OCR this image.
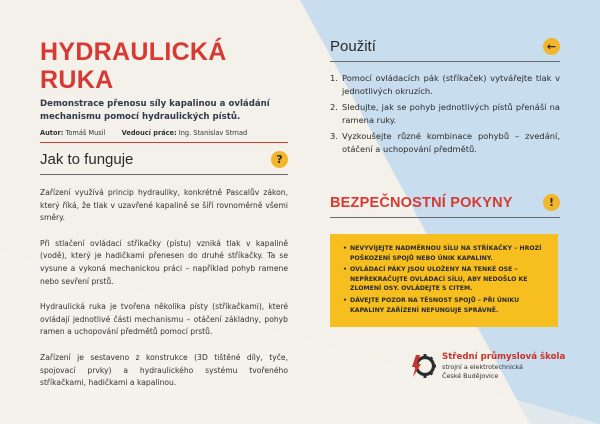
HYDRAULICKÁ RUKA
Demonstrace přenosu síly kapalinou a ovládání mechanismu pomocí hydraulických pístů.
Autor: Tomáš Musil Vedoucí práce: Ing. Stanislav Strnad
Jak to funguje	?

Zařízení využívá princip hydrauliky, konkrétně Pascalův zákon, který říká, že tlak v uzavřené kapalině se šíří rovnoměrně všemi směry.

Při stlačení ovládací stříkačky (pístu) vzniká tlak v kapalině (vodě), který je hadičkami přenesen do druhé stříkačky. Ta se vysune a vykoná mechanickou práci – například pohyb ramene nebo sevření prstů.

Hydraulická ruka je tvořena několika písty (stříkačkami), které ovládají jednotlivé části mechanismu – otáčení základny, pohyb ramen a uchopování předmětů pomocí prstů.

Zařízení je sestaveno z konstrukce (3D tištěné díly, tyče, spojovací prvky) a hydraulického systému tvořeného stříkačkami, hadičkami a kapalinou.

Použití	←
1. Pomocí ovládacích pák (stříkaček) vytvářejte tlak v jednotlivých okruzích.
2. Sledujte, jak se pohyb jednotlivých pístů přenáší na ramena ruky.
3. Vyzkoušejte různé kombinace pohybů – zvedání, otáčení a uchopování předmětů.
BEZPEČNOSTNÍ POKYNY	!
• NEVYVÍJEJTE NADMĚRNOU SÍLU NA STŘÍKAČKY – HROZÍ POŠKOZENÍ SPOJŮ NEBO ÚNIK KAPALINY.
• OVLÁDACÍ PÁKY JSOU ULOŽENY NA TENKÉ OSE – NEPŘEKRAČUJTE OVLÁDACÍ SÍLU, ABY NEDOŠLO KE ZLOMENÍ OSY. OVLÁDEJTE S CITEM.
• DÁVEJTE POZOR NA TĚSNOST SPOJŮ – PŘI ÚNIKU KAPALINY ZAŘÍZENÍ NEFUNGUJE SPRÁVNĚ.
Střední průmyslová škola
strojní a elektrotechnická
České Budějovice
